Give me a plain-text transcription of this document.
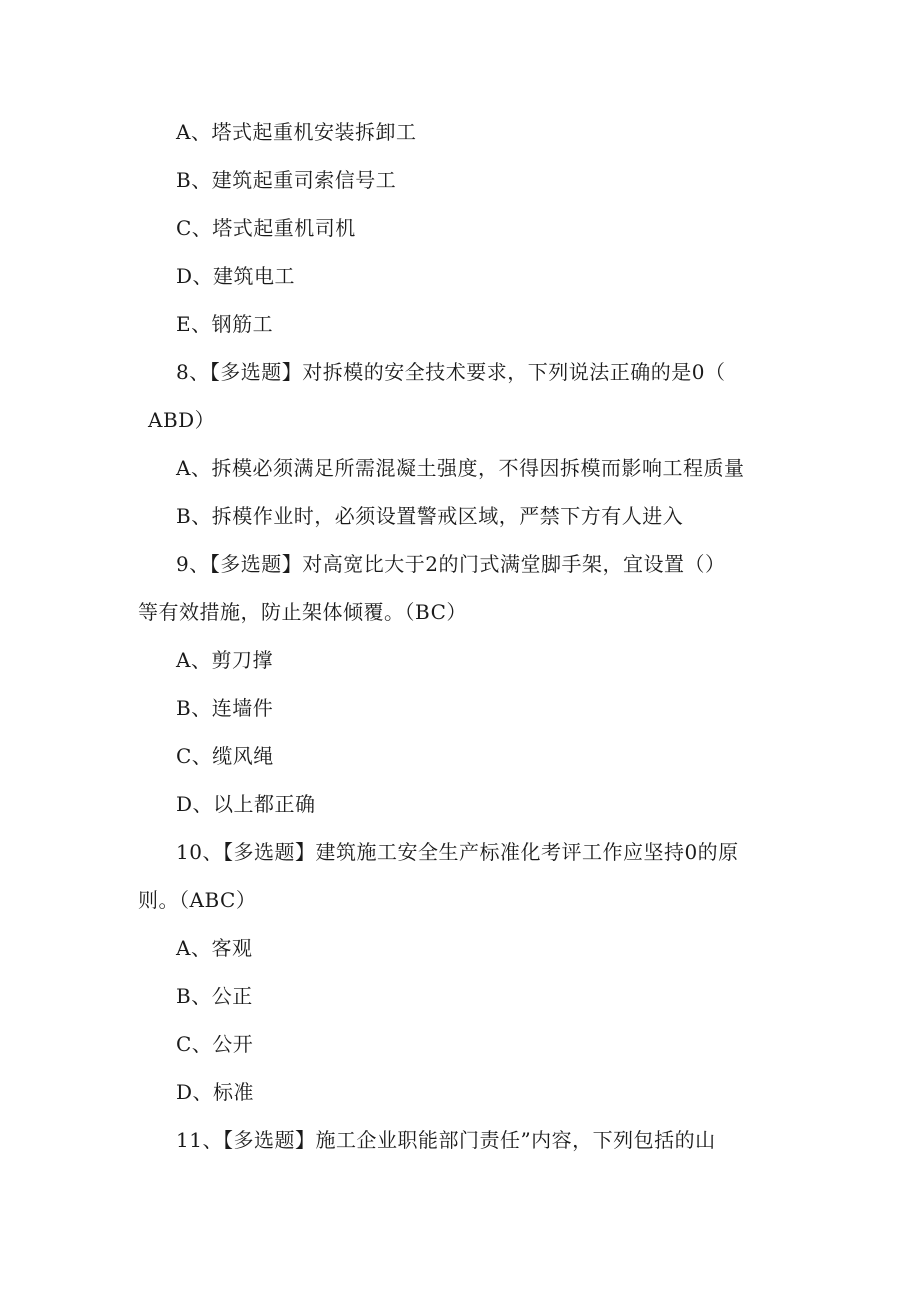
A、塔式起重机安装拆卸工
B、建筑起重司索信号工
C、塔式起重机司机
D、建筑电工
E、钢筋工
8、【多选题】对拆模的安全技术要求，下列说法正确的是0（
ABD）
A、拆模必须满足所需混凝土强度，不得因拆模而影响工程质量
B、拆模作业时，必须设置警戒区域，严禁下方有人进入
9、【多选题】对高宽比大于2的门式满堂脚手架，宜设置（）
等有效措施，防止架体倾覆。（BC）
A、剪刀撑
B、连墙件
C、缆风绳
D、以上都正确
10、【多选题】建筑施工安全生产标准化考评工作应坚持0的原
则。（ABC）
A、客观
B、公正
C、公开
D、标准
11、【多选题】施工企业职能部门责任”内容，下列包括的山
